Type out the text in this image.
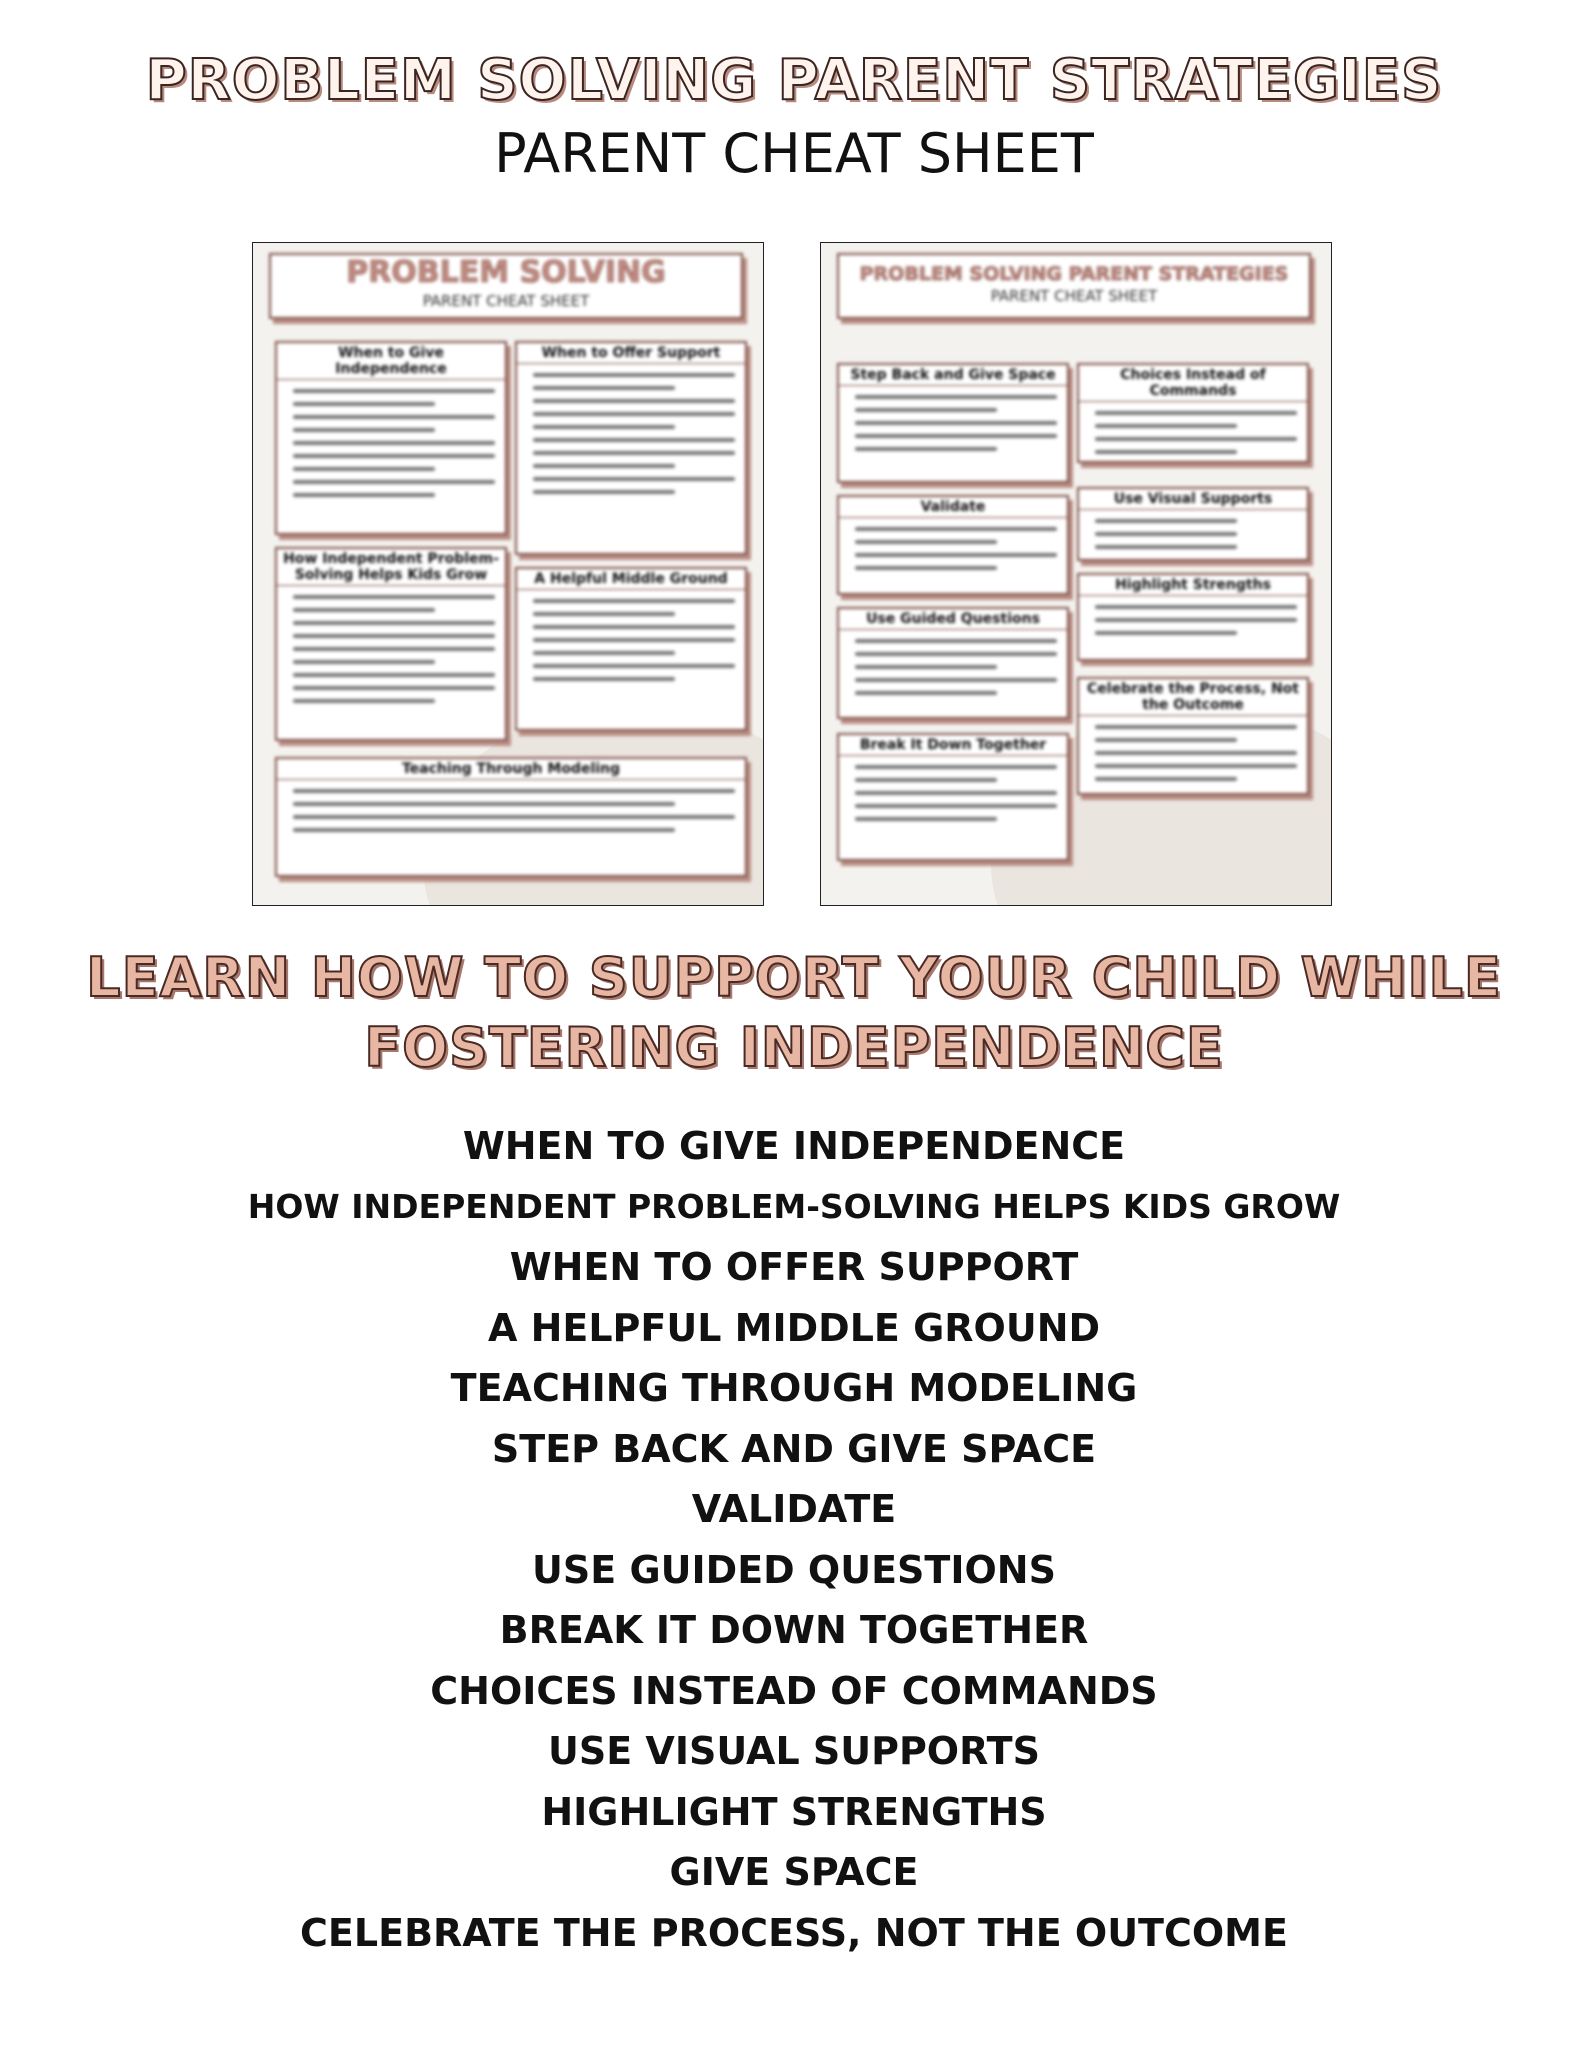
PROBLEM SOLVING PARENT STRATEGIES
PARENT CHEAT SHEET
PROBLEM SOLVING
PARENT CHEAT SHEET
When to Give Independence
When to Offer Support
How Independent Problem-Solving Helps Kids Grow	A Helpful Middle Ground
Teaching Through Modeling
PROBLEM SOLVING PARENT STRATEGIES
PARENT CHEAT SHEET
Step Back and Give Space	Choices Instead of Commands
Validate	Use Visual Supports
Use Guided Questions
Highlight Strengths
Break It Down Together
Celebrate the Process, Not the Outcome
LEARN HOW TO SUPPORT YOUR CHILD WHILE
FOSTERING INDEPENDENCE
WHEN TO GIVE INDEPENDENCE
HOW INDEPENDENT PROBLEM-SOLVING HELPS KIDS GROW
WHEN TO OFFER SUPPORT
A HELPFUL MIDDLE GROUND
TEACHING THROUGH MODELING
STEP BACK AND GIVE SPACE
VALIDATE
USE GUIDED QUESTIONS
BREAK IT DOWN TOGETHER
CHOICES INSTEAD OF COMMANDS
USE VISUAL SUPPORTS
HIGHLIGHT STRENGTHS
GIVE SPACE
CELEBRATE THE PROCESS, NOT THE OUTCOME
